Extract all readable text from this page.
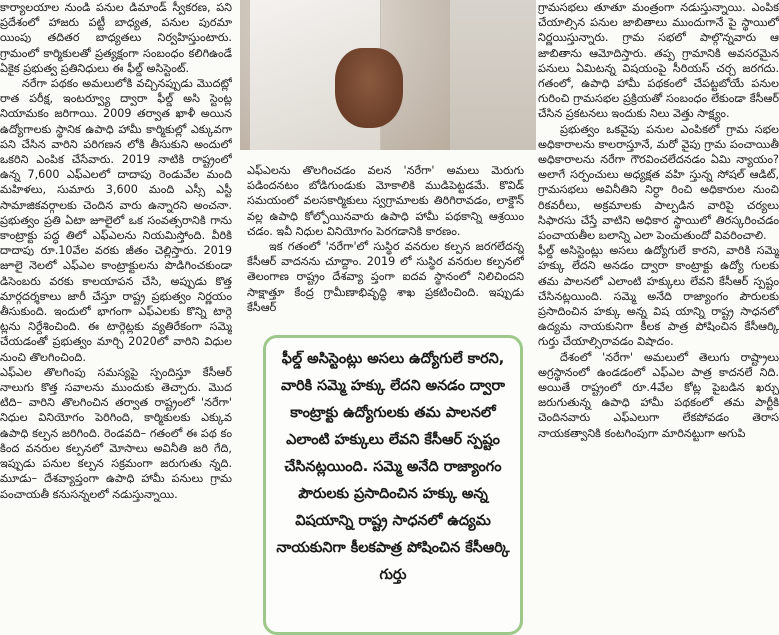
కార్యాలయాల నుండి పనుల డిమాండ్ స్వీకరణ, పని ప్రదేశంలో హాజరు పట్టీ బాధ్యత, పనుల పురమా యింపు తదితర బాధ్యతలు నిర్వహిస్తుంటారు. గ్రామంలో కార్మికులతో ప్రత్యక్షంగా సంబంధం కలిగిఉండే ఏకైక ప్రభుత్వ ప్రతినిధులు ఈ ఫీల్డ్ అసిస్టెంట్.

నరేగా పథకం అమలులోకి వచ్చినప్పుడు మొదట్లో రాత పరీక్ష, ఇంటర్వ్యూ ద్వారా ఫీల్డ్ అసి స్టెంట్ల నియామకం జరిగాయి. 2009 తర్వాత ఖాళీ అయిన ఉద్యోగాలకు స్థానిక ఉపాధి హామీ కార్మికుల్లో ఎక్కువగా పని చేసిన వారిని పరిగణన లోకి తీసుకుని అందులో ఒకరిని ఎంపిక చేసేవారు. 2019 నాటికి రాష్ట్రంలో ఉన్న 7,600 ఎఫ్ఎలలో దాదాపు రెండువేల మంది మహిళలు, సుమారు 3,600 మంది ఎస్సీ ఎస్టీ సామాజికవర్గాలకు చెందిన వారు ఉన్నారని అంచనా. ప్రభుత్వం ప్రతి ఏటా జూలైలో ఒక సంవత్సరానికి గాను కాంట్రాక్టు పద్ధ తిలో ఎఫ్ఎలను నియమిస్తోంది. వీరికి దాదాపు రూ.10వేల వరకు జీతం చెల్లిస్తారు. 2019 జూలై నెలలో ఎఫ్ఎల కాంట్రాక్టులను పొడిగించకుండా డిసెంబరు వరకు కాలయాపన చేసి, అప్పుడు కొత్త మార్గదర్శకాలు జారీ చేస్తూ రాష్ట్ర ప్రభుత్వం నిర్ణయం తీసుకుంది. ఇందులో భాగంగా ఎఫ్ఎలకు కొన్ని టార్గె ట్లను నిర్దేశించింది. ఈ టార్గెట్లకు వ్యతిరేకంగా సమ్మె చేయడంతో ప్రభుత్వం మార్చి 2020లో వారిని విధుల నుంచి తొలగించింది.

ఎఫ్ఎల తొలగింపు సమస్యపై స్పందిస్తూ కేసీఆర్ నాలుగు కొత్త సవాలను ముందుకు తెచ్చారు. మొద టిది– వారిని తొలగించిన తర్వాత రాష్ట్రంలో 'నరేగా' నిధుల వినియోగం పెరిగింది, కార్మికులకు ఎక్కువ ఉపాధి కల్పన జరిగింది. రెండవది– గతంలో ఈ పథ కం కింద వనరుల కల్పనలో మోసాలు అవినీతి జరి గేది, ఇప్పుడు పనుల కల్పన సక్రమంగా జరుగుతు న్నది. మూడు– దేశవ్యాప్తంగా ఉపాధి హామీ పనులు గ్రామ పంచాయతీ కనుసన్నలలో నడుస్తున్నాయి.

ఎఫ్ఎలను తొలగించడం వలన 'నరేగా' అమలు మెరుగు పడిందనటం బోడిగుండుకు మోకాలికి ముడిపెట్టడమే. కొవిడ్ సమయంలో వలసకార్మికులు స్వగ్రామాలకు తిరిగిరావడం, లాక్డౌన్ వల్ల ఉపాధి కోల్పోయినవారు ఉపాధి హామీ పథకాన్ని ఆశ్రయిం చడం. ఇవీ నిధుల వినియోగం పెరగడానికి కారణం.

ఇక గతంలో 'నరేగా'లో సుస్థిర వనరుల కల్పన జరగలేదన్న కేసీఆర్ వాదనను చూద్దాం. 2019 లో సుస్థిర వనరుల కల్పనలో తెలంగాణ రాష్ట్రం దేశవ్యా ప్తంగా ఐదవ స్థానంలో నిలిచిందని సాక్షాత్తూ కేంద్ర గ్రామీణాభివృద్ధి శాఖ ప్రకటించింది. ఇప్పుడు కేసీఆర్

ఫీల్డ్ అసిస్టెంట్లు అసలు ఉద్యోగులే కారని, వారికి సమ్మె హక్కు లేదని అనడం ద్వారా కాంట్రాక్టు ఉద్యోగులకు తమ పాలనలో ఎలాంటి హక్కులు లేవని కేసీఆర్ స్పష్టం చేసినట్లయింది. సమ్మె అనేది రాజ్యాంగం పౌరులకు ప్రసాదించిన హక్కు అన్న విషయాన్ని రాష్ట్ర సాధనలో ఉద్యమ నాయకునిగా కీలకపాత్ర పోషించిన కేసీఆర్కి గుర్తు

గ్రామసభలు తూతూ మంత్రంగా నడుస్తున్నాయి. ఎంపిక చేయాల్సిన పనుల జాబితాలు ముందుగానే పై స్థాయిలో నిర్ణయిస్తున్నారు. గ్రామ సభలో పాల్గొన్నవారు ఆ జాబితాను ఆమోదిస్తారు. తప్ప గ్రామానికి అవసరమైన పనులు ఏమిటన్న విషయంపై సీరియస్ చర్చ జరగదు. గతంలో, ఉపాధి హామీ పథకంలో చేపట్టబోయే పనుల గురించి గ్రామసభల ప్రక్రియతో సంబంధం లేకుండా కేసీఆర్ చేసిన ప్రకటనలు ఇందుకు నిలు వెత్తు సాక్ష్యం.

ప్రభుత్వం ఒకవైపు పనుల ఎంపికలో గ్రామ సభల అధికారాలను కాలరాస్తూనే, మరో వైపు గ్రామ పంచాయితీ అధికారాలను నరేగా గౌరవించలేదనడం ఏమి న్యాయం? అలాగే సర్పంచులు అధ్యక్షత వహి స్తున్న సోషల్ ఆడిట్, గ్రామసభలు అవినీతిని నిర్ధా రించి అధికారుల నుంచి రికవరీలు, అక్రమాలకు పాల్పడిన వారిపై చర్యలు సిఫారసు చేస్తే వాటిని అధికార స్థాయిలో తిరస్కరించడం పంచాయతీల బలాన్ని ఎలా పెంచుతుందో వివరించాలి.

ఫీల్డ్ అసిస్టెంట్లు అసలు ఉద్యోగులే కారని, వారికి సమ్మె హక్కు లేదని అనడం ద్వారా కాంట్రాక్టు ఉద్యో గులకు తమ పాలనలో ఎలాంటి హక్కులు లేవని కేసీఆర్ స్పష్టం చేసినట్లయింది. సమ్మె అనేది రాజ్యాంగం పౌరులకు ప్రసాదించిన హక్కు అన్న విష యాన్ని రాష్ట్ర సాధనలో ఉద్యమ నాయకునిగా కీలక పాత్ర పోషించిన కేసీఆర్కి గుర్తు చేయాల్సిరావడం విషాదం.

దేశంలో 'నరేగా' అమలులో తెలుగు రాష్ట్రాలు అగ్రస్థానంలో ఉండడంలో ఎఫ్ఎల పాత్ర కాదనలే నిది. అయితే రాష్ట్రంలో రూ.4వేల కోట్ల పైబడిన ఖర్చు జరుగుతున్న ఉపాధి హామీ పథకంలో తమ పార్టీకి చెందినవారు ఎఫ్ఎలుగా లేకపోవడం తెరాస నాయకత్వానికి కంటగింపుగా మారినట్టుగా అగుపి
